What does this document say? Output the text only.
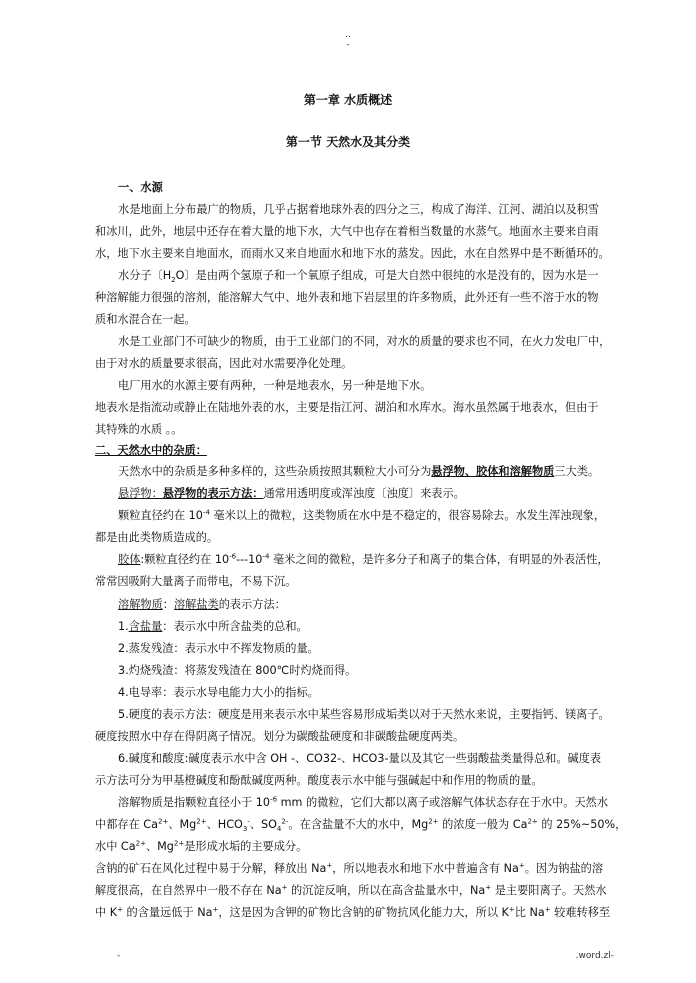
..
-
第一章 水质概述
第一节 天然水及其分类
一、水源
水是地面上分布最广的物质，几乎占据着地球外表的四分之三，构成了海洋、江河、湖泊以及积雪
和冰川，此外，地层中还存在着大量的地下水，大气中也存在着相当数量的水蒸气。地面水主要来自雨
水，地下水主要来自地面水，而雨水又来自地面水和地下水的蒸发。因此，水在自然界中是不断循环的。
水分子〔$H_2O$〕是由两个氢原子和一个氧原子组成，可是大自然中很纯的水是没有的，因为水是一
种溶解能力很强的溶剂，能溶解大气中、地外表和地下岩层里的许多物质，此外还有一些不溶于水的物
质和水混合在一起。
水是工业部门不可缺少的物质，由于工业部门的不同，对水的质量的要求也不同，在火力发电厂中，
由于对水的质量要求很高，因此对水需要净化处理。
电厂用水的水源主要有两种，一种是地表水，另一种是地下水。
地表水是指流动或静止在陆地外表的水，主要是指江河、湖泊和水库水。海水虽然属于地表水，但由于
其特殊的水质 。。
二、天然水中的杂质：
天然水中的杂质是多种多样的，这些杂质按照其颗粒大小可分为悬浮物、胶体和溶解物质三大类。
悬浮物：悬浮物的表示方法：通常用透明度或浑浊度〔浊度〕来表示。
颗粒直径约在 $10^{-4}$ 毫米以上的微粒，这类物质在水中是不稳定的，很容易除去。水发生浑浊现象，
都是由此类物质造成的。
胶体:颗粒直径约在 $10^{-6}---10^{-4}$ 毫米之间的微粒，是许多分子和离子的集合体，有明显的外表活性，
常常因吸附大量离子而带电，不易下沉。
溶解物质：溶解盐类的表示方法：
1.含盐量：表示水中所含盐类的总和。
2.蒸发残渣：表示水中不挥发物质的量。
3.灼烧残渣：将蒸发残渣在 800℃时灼烧而得。
4.电导率：表示水导电能力大小的指标。
5.硬度的表示方法：硬度是用来表示水中某些容易形成垢类以对于天然水来说，主要指钙、镁离子。
硬度按照水中存在得阴离子情况。划分为碳酸盐硬度和非碳酸盐硬度两类。
6.碱度和酸度:碱度表示水中含 OH -、CO32-、HCO3-量以及其它一些弱酸盐类量得总和。碱度表
示方法可分为甲基橙碱度和酚酞碱度两种。酸度表示水中能与强碱起中和作用的物质的量。
溶解物质是指颗粒直径小于 $10^{-6}$ mm 的微粒，它们大都以离子或溶解气体状态存在于水中。天然水
中都存在 $Ca^{2+}$、$Mg^{2+}$、$HCO_3^-$、$SO_4^{2-}$。在含盐量不大的水中，$Mg^{2+}$ 的浓度一般为 $Ca^{2+}$ 的 25%~50%，
水中 $Ca^{2+}$、$Mg^{2+}$是形成水垢的主要成分。
含钠的矿石在风化过程中易于分解，释放出 Na+，所以地表水和地下水中普遍含有 Na+。因为钠盐的溶
解度很高，在自然界中一般不存在 Na+ 的沉淀反响，所以在高含盐量水中，Na+ 是主要阳离子。天然水
中 K+ 的含量远低于 Na+，这是因为含钾的矿物比含钠的矿物抗风化能力大，所以 K+比 Na+ 较难转移至
-	.word.zl-
